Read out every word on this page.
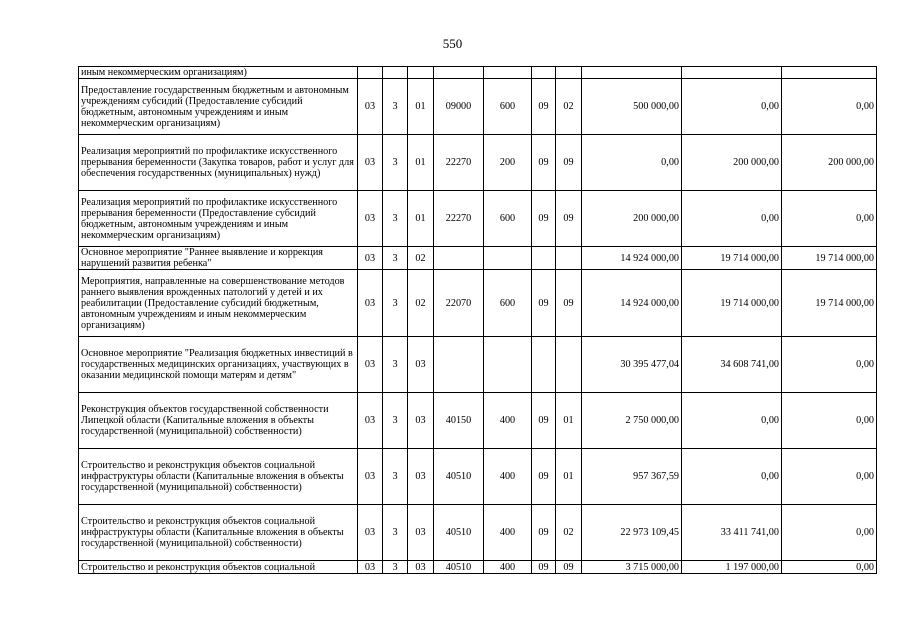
550
иным некоммерческим организациям)										
Предоставление государственным бюджетным и автономным учреждениям субсидий (Предоставление субсидий бюджетным, автономным учреждениям и иным некоммерческим организациям)	03	3	01	09000	600	09	02	500 000,00	0,00	0,00
Реализация мероприятий по профилактике искусственного прерывания беременности (Закупка товаров, работ и услуг для обеспечения государственных (муниципальных) нужд)	03	3	01	22270	200	09	09	0,00	200 000,00	200 000,00
Реализация мероприятий по профилактике искусственного прерывания беременности (Предоставление субсидий бюджетным, автономным учреждениям и иным некоммерческим организациям)	03	3	01	22270	600	09	09	200 000,00	0,00	0,00
Основное мероприятие "Раннее выявление и коррекция нарушений развития ребенка"	03	3	02					14 924 000,00	19 714 000,00	19 714 000,00
Мероприятия, направленные на совершенствование методов раннего выявления врожденных патологий у детей и их реабилитации (Предоставление субсидий бюджетным, автономным учреждениям и иным некоммерческим организациям)	03	3	02	22070	600	09	09	14 924 000,00	19 714 000,00	19 714 000,00
Основное мероприятие "Реализация бюджетных инвестиций в государственных медицинских организациях, участвующих в оказании медицинской помощи матерям и детям"	03	3	03					30 395 477,04	34 608 741,00	0,00
Реконструкция объектов государственной собственности Липецкой области (Капитальные вложения в объекты государственной (муниципальной) собственности)	03	3	03	40150	400	09	01	2 750 000,00	0,00	0,00
Строительство и реконструкция объектов социальной инфраструктуры области (Капитальные вложения в объекты государственной (муниципальной) собственности)	03	3	03	40510	400	09	01	957 367,59	0,00	0,00
Строительство и реконструкция объектов социальной инфраструктуры области (Капитальные вложения в объекты государственной (муниципальной) собственности)	03	3	03	40510	400	09	02	22 973 109,45	33 411 741,00	0,00
Строительство и реконструкция объектов социальной	03	3	03	40510	400	09	09	3 715 000,00	1 197 000,00	0,00
